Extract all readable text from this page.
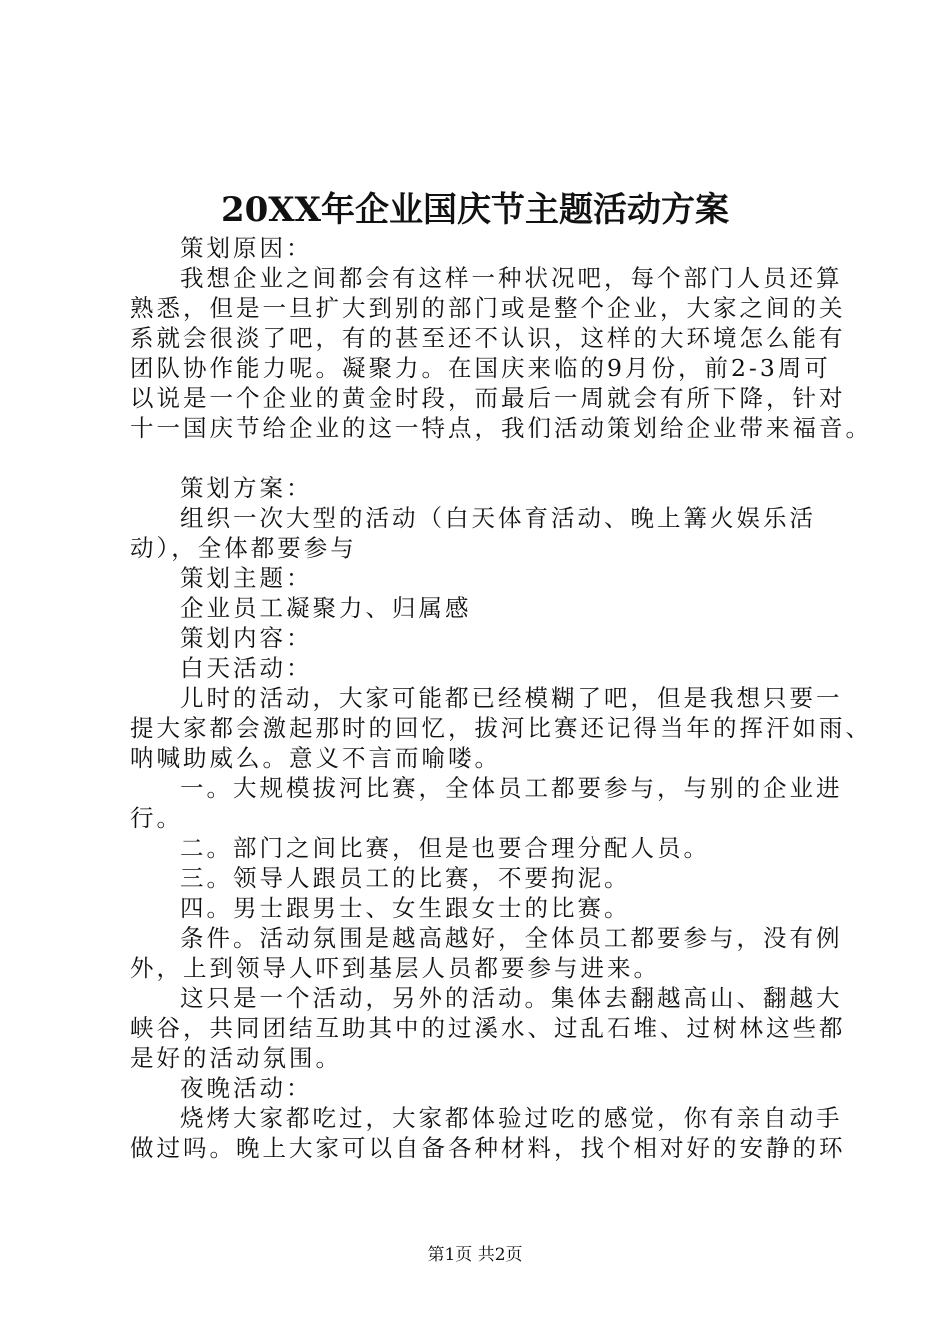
20XX年企业国庆节主题活动方案
策划原因：
我想企业之间都会有这样一种状况吧，每个部门人员还算
熟悉，但是一旦扩大到别的部门或是整个企业，大家之间的关
系就会很淡了吧，有的甚至还不认识，这样的大环境怎么能有
团队协作能力呢。凝聚力。在国庆来临的9月份，前2-3周可
以说是一个企业的黄金时段，而最后一周就会有所下降，针对
十一国庆节给企业的这一特点，我们活动策划给企业带来福音。
策划方案：
组织一次大型的活动（白天体育活动、晚上篝火娱乐活
动），全体都要参与
策划主题：
企业员工凝聚力、归属感
策划内容：
白天活动：
儿时的活动，大家可能都已经模糊了吧，但是我想只要一
提大家都会激起那时的回忆，拔河比赛还记得当年的挥汗如雨、
呐喊助威么。意义不言而喻喽。
一。大规模拔河比赛，全体员工都要参与，与别的企业进
行。
二。部门之间比赛，但是也要合理分配人员。
三。领导人跟员工的比赛，不要拘泥。
四。男士跟男士、女生跟女士的比赛。
条件。活动氛围是越高越好，全体员工都要参与，没有例
外，上到领导人吓到基层人员都要参与进来。
这只是一个活动，另外的活动。集体去翻越高山、翻越大
峡谷，共同团结互助其中的过溪水、过乱石堆、过树林这些都
是好的活动氛围。
夜晚活动：
烧烤大家都吃过，大家都体验过吃的感觉，你有亲自动手
做过吗。晚上大家可以自备各种材料，找个相对好的安静的环
第1页 共2页
